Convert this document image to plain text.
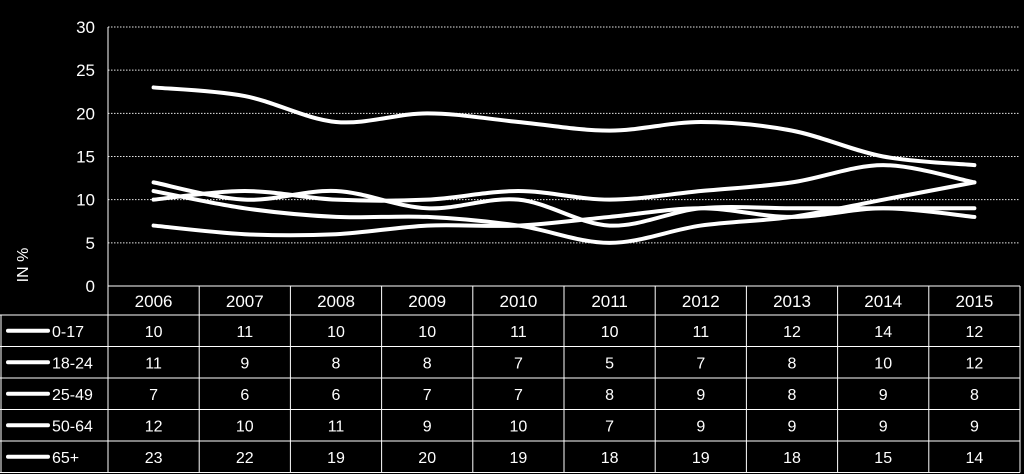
0
5
10
15
20
25
30
IN %
2006	2007	2008	2009	2010	2011	2012	2013	2014	2015
0-17	10	11	10	10	11	10	11	12	14	12
18-24	11	9	8	8	7	5	7	8	10	12
25-49	7	6	6	7	7	8	9	8	9	8
50-64	12	10	11	9	10	7	9	9	9	9
65+	23	22	19	20	19	18	19	18	15	14
